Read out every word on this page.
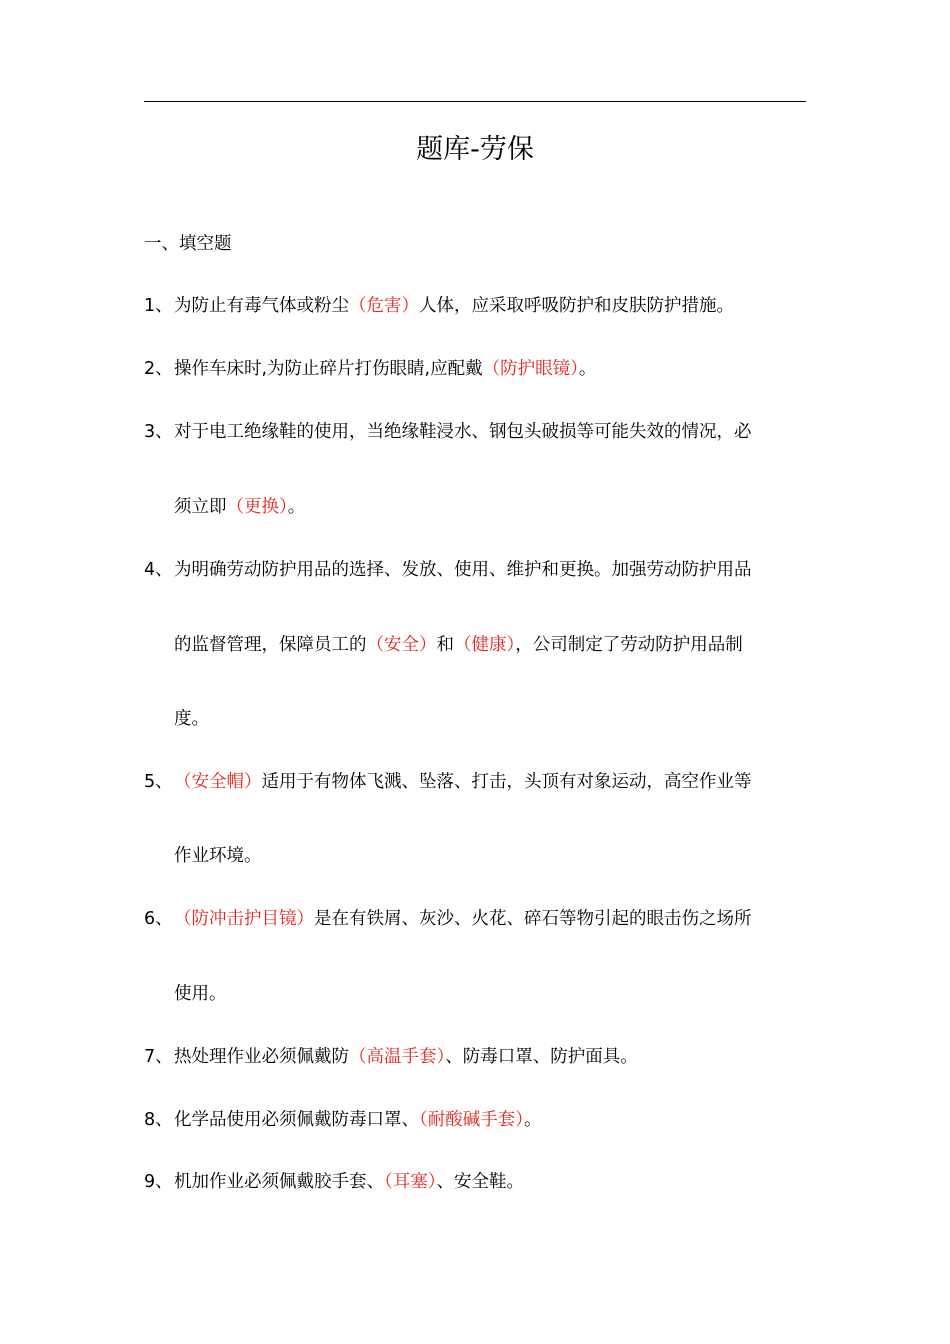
题库-劳保
一、填空题
1、为防止有毒气体或粉尘（危害）人体，应采取呼吸防护和皮肤防护措施。
2、操作车床时,为防止碎片打伤眼睛,应配戴（防护眼镜）。
3、对于电工绝缘鞋的使用，当绝缘鞋浸水、钢包头破损等可能失效的情况，必
须立即（更换）。
4、为明确劳动防护用品的选择、发放、使用、维护和更换。加强劳动防护用品
的监督管理，保障员工的（安全）和（健康），公司制定了劳动防护用品制
度。
5、（安全帽）适用于有物体飞溅、坠落、打击，头顶有对象运动，高空作业等
作业环境。
6、（防冲击护目镜）是在有铁屑、灰沙、火花、碎石等物引起的眼击伤之场所
使用。
7、热处理作业必须佩戴防（高温手套）、防毒口罩、防护面具。
8、化学品使用必须佩戴防毒口罩、（耐酸碱手套）。
9、机加作业必须佩戴胶手套、（耳塞）、安全鞋。
